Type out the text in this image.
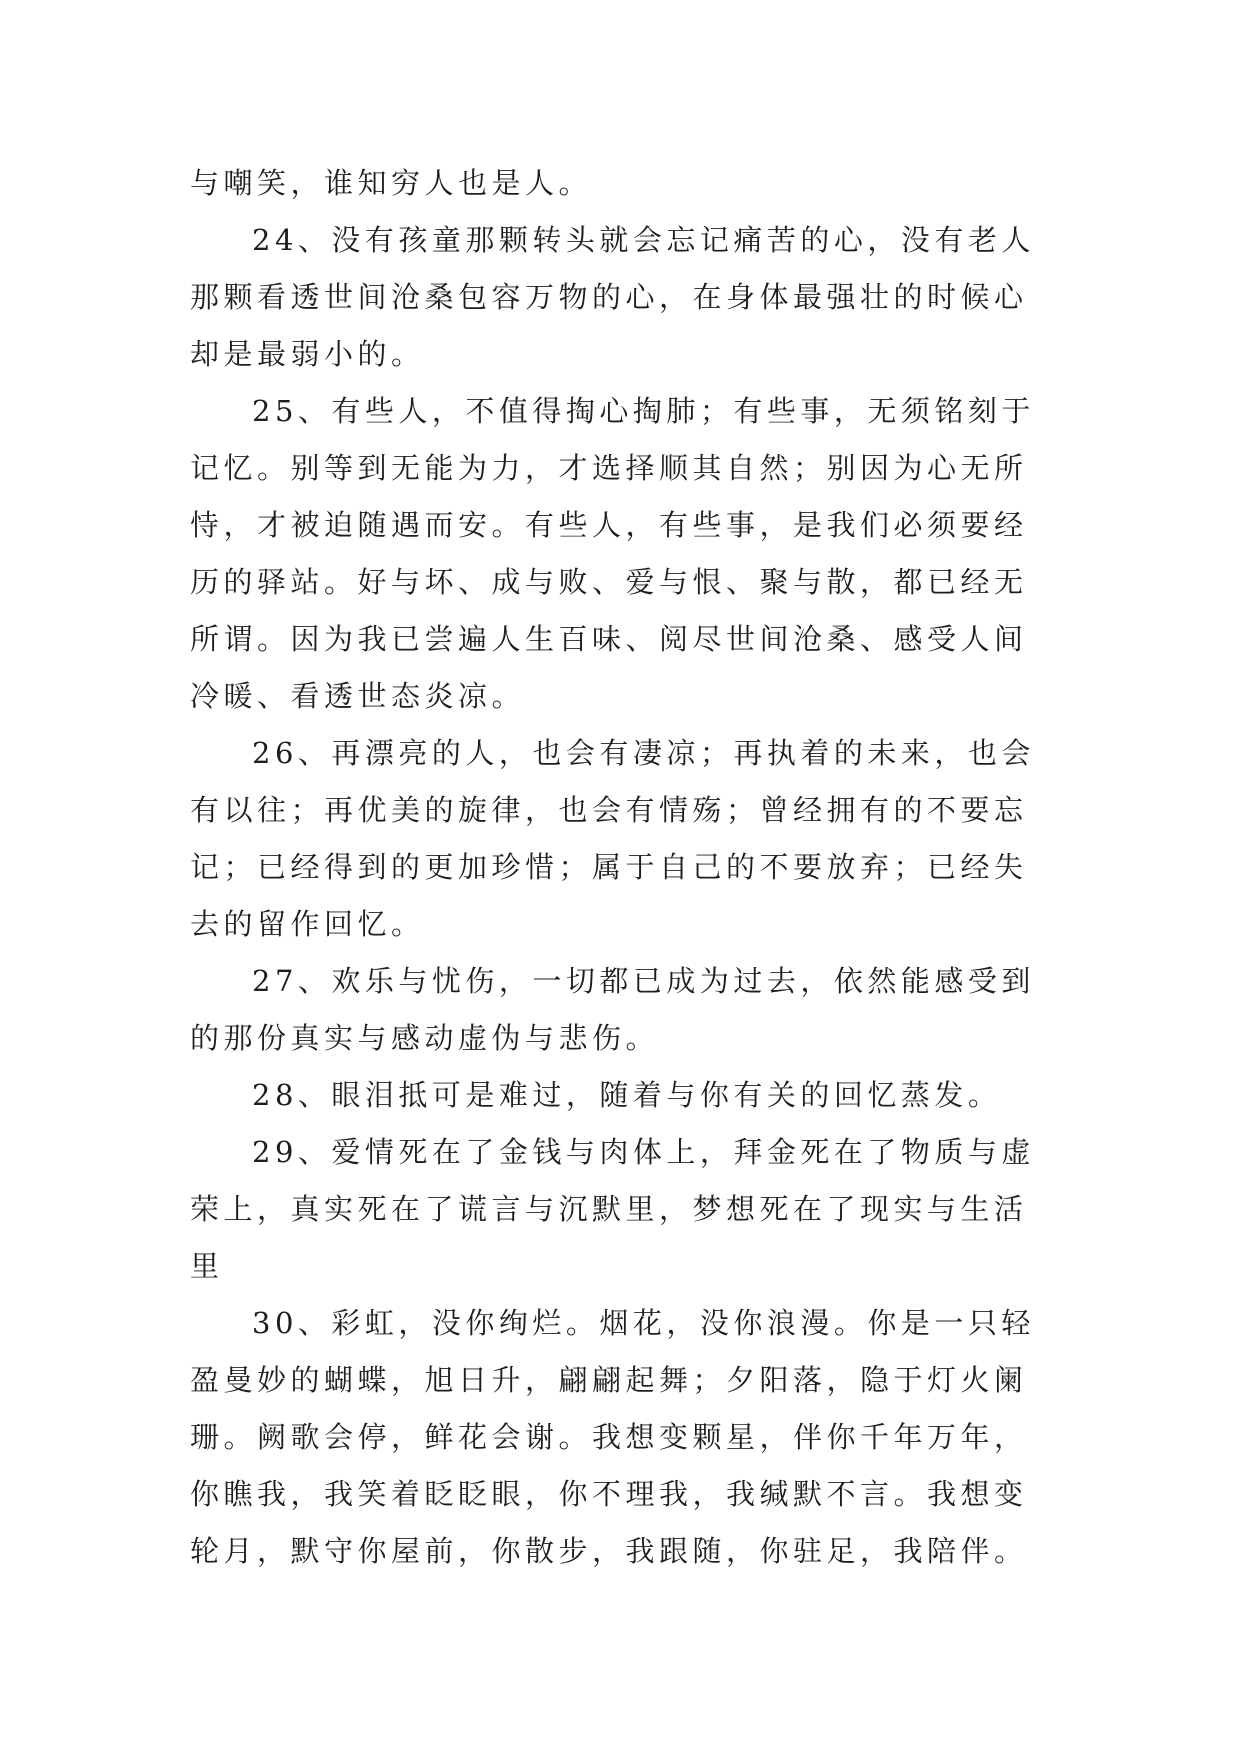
与嘲笑，谁知穷人也是人。

24、没有孩童那颗转头就会忘记痛苦的心，没有老人那颗看透世间沧桑包容万物的心，在身体最强壮的时候心却是最弱小的。

25、有些人，不值得掏心掏肺；有些事，无须铭刻于记忆。别等到无能为力，才选择顺其自然；别因为心无所恃，才被迫随遇而安。有些人，有些事，是我们必须要经历的驿站。好与坏、成与败、爱与恨、聚与散，都已经无所谓。因为我已尝遍人生百味、阅尽世间沧桑、感受人间冷暖、看透世态炎凉。

26、再漂亮的人，也会有凄凉；再执着的未来，也会有以往；再优美的旋律，也会有情殇；曾经拥有的不要忘记；已经得到的更加珍惜；属于自己的不要放弃；已经失去的留作回忆。

27、欢乐与忧伤，一切都已成为过去，依然能感受到的那份真实与感动虚伪与悲伤。

28、眼泪抵可是难过，随着与你有关的回忆蒸发。

29、爱情死在了金钱与肉体上，拜金死在了物质与虚荣上，真实死在了谎言与沉默里，梦想死在了现实与生活里

30、彩虹，没你绚烂。烟花，没你浪漫。你是一只轻盈曼妙的蝴蝶，旭日升，翩翩起舞；夕阳落，隐于灯火阑珊。阙歌会停，鲜花会谢。我想变颗星，伴你千年万年，你瞧我，我笑着眨眨眼，你不理我，我缄默不言。我想变轮月，默守你屋前，你散步，我跟随，你驻足，我陪伴。
